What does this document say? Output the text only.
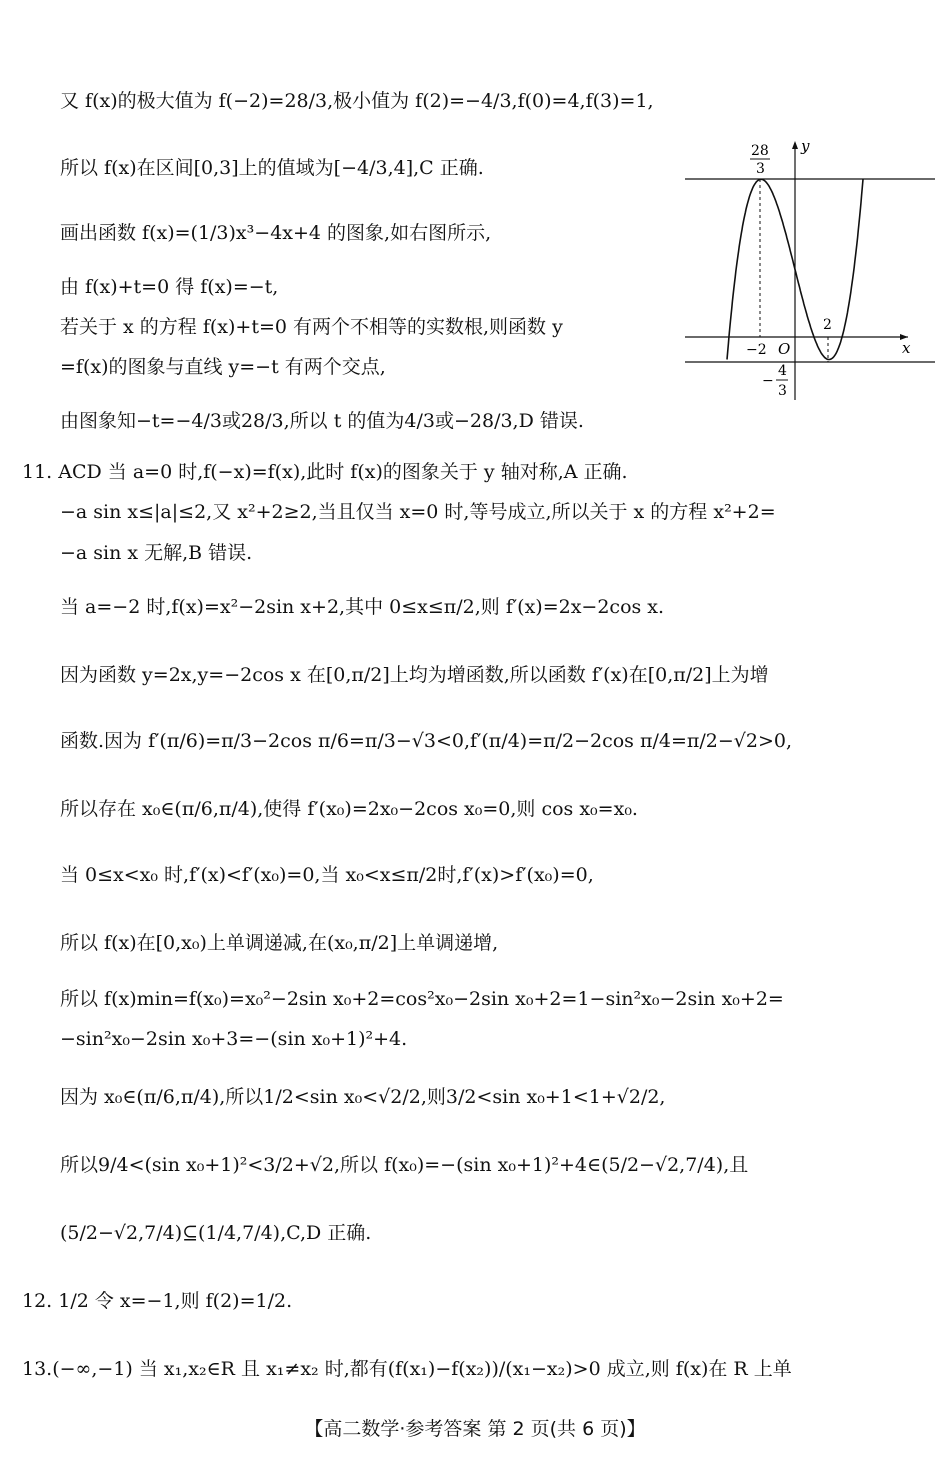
又 f(x)的极大值为 f(−2)=28/3,极小值为 f(2)=−4/3,f(0)=4,f(3)=1,
所以 f(x)在区间[0,3]上的值域为[−4/3,4],C 正确.
画出函数 f(x)=(1/3)x³−4x+4 的图象,如右图所示,
由 f(x)+t=0 得 f(x)=−t,
若关于 x 的方程 f(x)+t=0 有两个不相等的实数根,则函数 y
=f(x)的图象与直线 y=−t 有两个交点,
由图象知−t=−4/3或28/3,所以 t 的值为4/3或−28/3,D 错误.
11. ACD 当 a=0 时,f(−x)=f(x),此时 f(x)的图象关于 y 轴对称,A 正确.
−a sin x≤|a|≤2,又 x²+2≥2,当且仅当 x=0 时,等号成立,所以关于 x 的方程 x²+2=
−a sin x 无解,B 错误.
当 a=−2 时,f(x)=x²−2sin x+2,其中 0≤x≤π/2,则 f′(x)=2x−2cos x.
因为函数 y=2x,y=−2cos x 在[0,π/2]上均为增函数,所以函数 f′(x)在[0,π/2]上为增
函数.因为 f′(π/6)=π/3−2cos π/6=π/3−√3<0,f′(π/4)=π/2−2cos π/4=π/2−√2>0,
所以存在 x₀∈(π/6,π/4),使得 f′(x₀)=2x₀−2cos x₀=0,则 cos x₀=x₀.
当 0≤x<x₀ 时,f′(x)<f′(x₀)=0,当 x₀<x≤π/2时,f′(x)>f′(x₀)=0,
所以 f(x)在[0,x₀)上单调递减,在(x₀,π/2]上单调递增,
所以 f(x)min=f(x₀)=x₀²−2sin x₀+2=cos²x₀−2sin x₀+2=1−sin²x₀−2sin x₀+2=
−sin²x₀−2sin x₀+3=−(sin x₀+1)²+4.
因为 x₀∈(π/6,π/4),所以1/2<sin x₀<√2/2,则3/2<sin x₀+1<1+√2/2,
所以9/4<(sin x₀+1)²<3/2+√2,所以 f(x₀)=−(sin x₀+1)²+4∈(5/2−√2,7/4),且
(5/2−√2,7/4)⊆(1/4,7/4),C,D 正确.
12. 1/2 令 x=−1,则 f(2)=1/2.
13.(−∞,−1) 当 x₁,x₂∈R 且 x₁≠x₂ 时,都有(f(x₁)−f(x₂))/(x₁−x₂)>0 成立,则 f(x)在 R 上单
y
x
O
−2
2
28
3
−
4
3
【高二数学·参考答案 第 2 页(共 6 页)】
